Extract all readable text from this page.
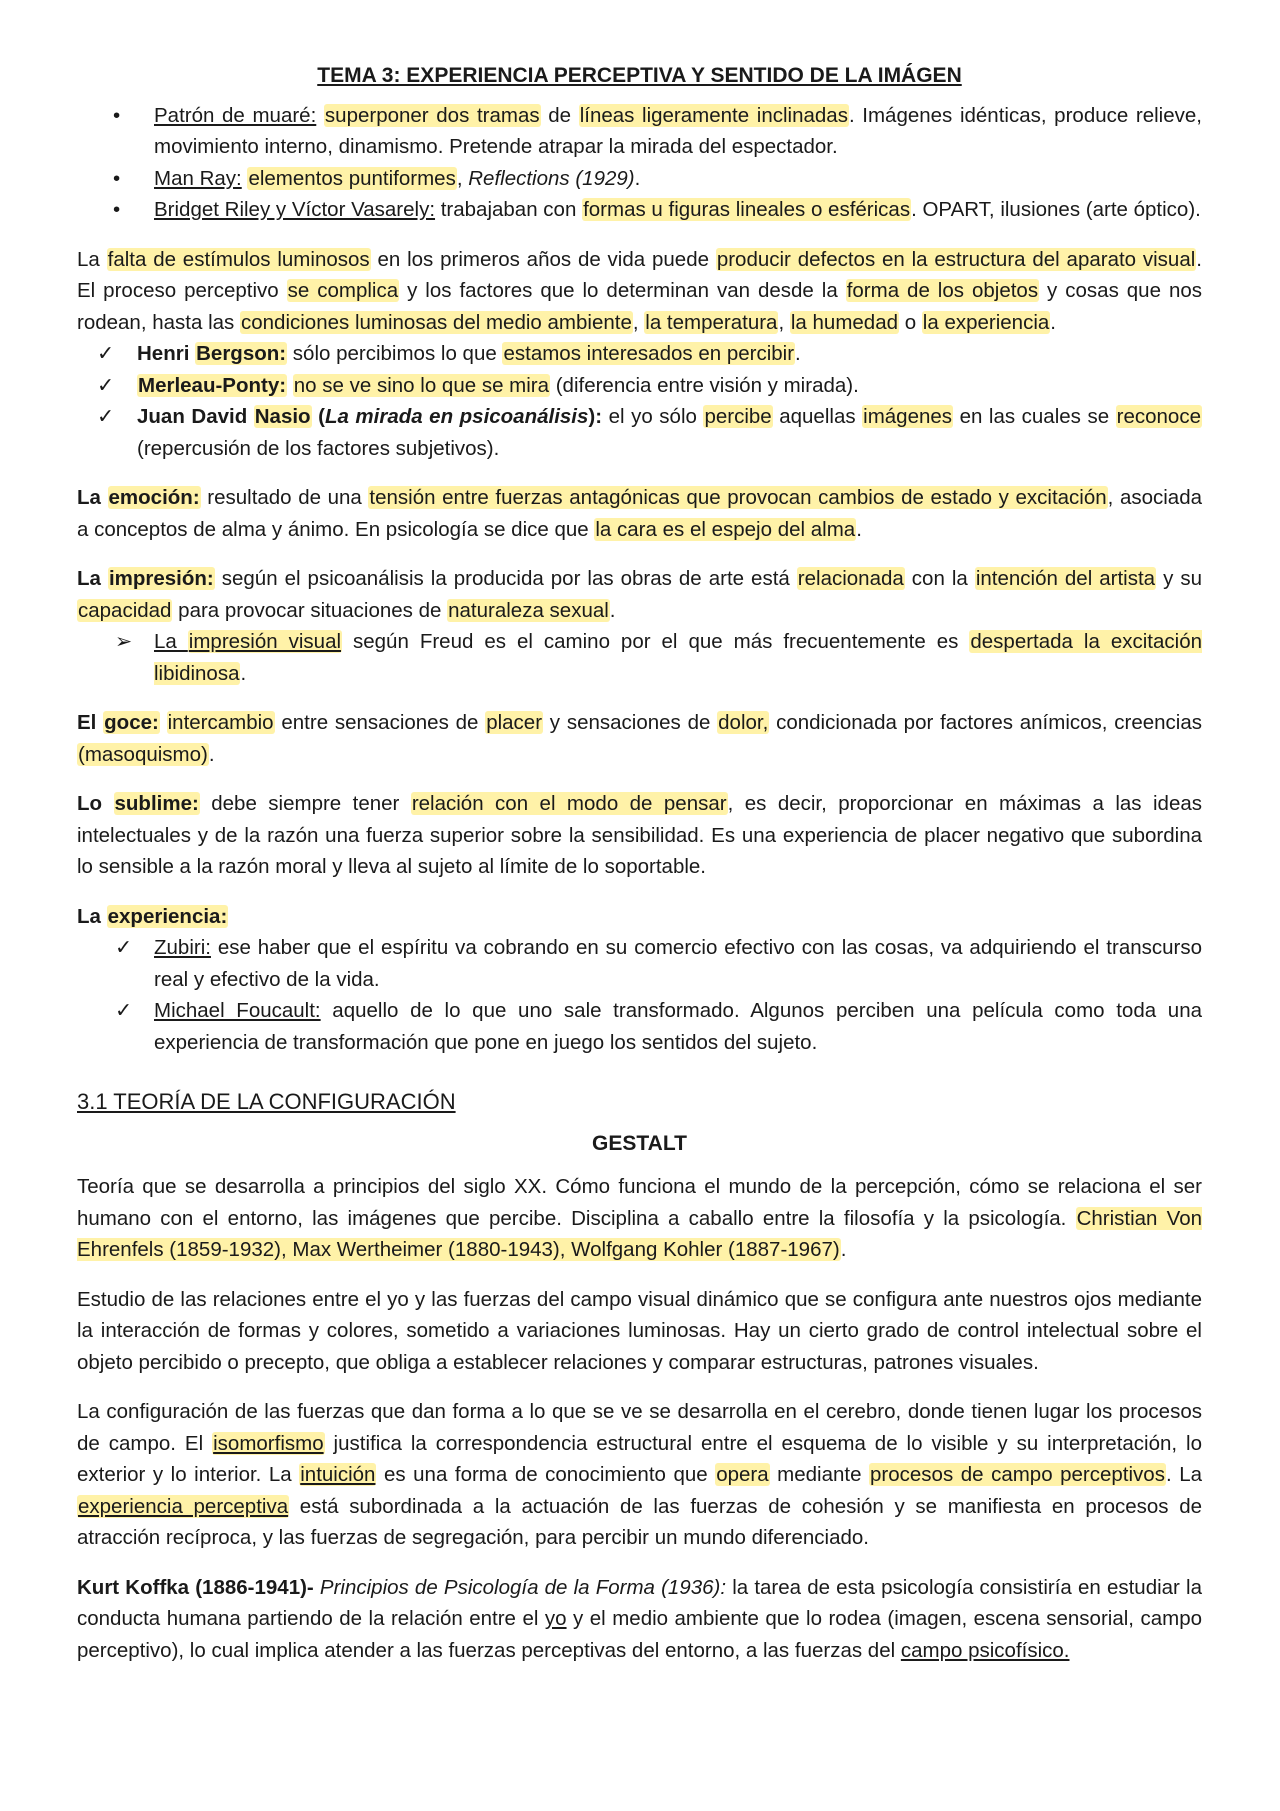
TEMA 3: EXPERIENCIA PERCEPTIVA Y SENTIDO DE LA IMÁGEN

•	Patrón de muaré: superponer dos tramas de líneas ligeramente inclinadas. Imágenes idénticas, produce relieve, movimiento interno, dinamismo. Pretende atrapar la mirada del espectador.
•	Man Ray: elementos puntiformes, Reflections (1929).
•	Bridget Riley y Víctor Vasarely: trabajaban con formas u figuras lineales o esféricas. OPART, ilusiones (arte óptico).

La falta de estímulos luminosos en los primeros años de vida puede producir defectos en la estructura del aparato visual. El proceso perceptivo se complica y los factores que lo determinan van desde la forma de los objetos y cosas que nos rodean, hasta las condiciones luminosas del medio ambiente, la temperatura, la humedad o la experiencia.

✓	Henri Bergson: sólo percibimos lo que estamos interesados en percibir.
✓	Merleau-Ponty: no se ve sino lo que se mira (diferencia entre visión y mirada).
✓	Juan David Nasio (La mirada en psicoanálisis): el yo sólo percibe aquellas imágenes en las cuales se reconoce (repercusión de los factores subjetivos).

La emoción: resultado de una tensión entre fuerzas antagónicas que provocan cambios de estado y excitación, asociada a conceptos de alma y ánimo. En psicología se dice que la cara es el espejo del alma.

La impresión: según el psicoanálisis la producida por las obras de arte está relacionada con la intención del artista y su capacidad para provocar situaciones de naturaleza sexual.

➢	La impresión visual según Freud es el camino por el que más frecuentemente es despertada la excitación libidinosa.

El goce: intercambio entre sensaciones de placer y sensaciones de dolor, condicionada por factores anímicos, creencias (masoquismo).

Lo sublime: debe siempre tener relación con el modo de pensar, es decir, proporcionar en máximas a las ideas intelectuales y de la razón una fuerza superior sobre la sensibilidad. Es una experiencia de placer negativo que subordina lo sensible a la razón moral y lleva al sujeto al límite de lo soportable.

La experiencia:

✓	Zubiri: ese haber que el espíritu va cobrando en su comercio efectivo con las cosas, va adquiriendo el transcurso real y efectivo de la vida.
✓	Michael Foucault: aquello de lo que uno sale transformado. Algunos perciben una película como toda una experiencia de transformación que pone en juego los sentidos del sujeto.

3.1 TEORÍA DE LA CONFIGURACIÓN

GESTALT

Teoría que se desarrolla a principios del siglo XX. Cómo funciona el mundo de la percepción, cómo se relaciona el ser humano con el entorno, las imágenes que percibe. Disciplina a caballo entre la filosofía y la psicología. Christian Von Ehrenfels (1859-1932), Max Wertheimer (1880-1943), Wolfgang Kohler (1887-1967).

Estudio de las relaciones entre el yo y las fuerzas del campo visual dinámico que se configura ante nuestros ojos mediante la interacción de formas y colores, sometido a variaciones luminosas. Hay un cierto grado de control intelectual sobre el objeto percibido o precepto, que obliga a establecer relaciones y comparar estructuras, patrones visuales.

La configuración de las fuerzas que dan forma a lo que se ve se desarrolla en el cerebro, donde tienen lugar los procesos de campo. El isomorfismo justifica la correspondencia estructural entre el esquema de lo visible y su interpretación, lo exterior y lo interior. La intuición es una forma de conocimiento que opera mediante procesos de campo perceptivos. La experiencia perceptiva está subordinada a la actuación de las fuerzas de cohesión y se manifiesta en procesos de atracción recíproca, y las fuerzas de segregación, para percibir un mundo diferenciado.

Kurt Koffka (1886-1941)- Principios de Psicología de la Forma (1936): la tarea de esta psicología consistiría en estudiar la conducta humana partiendo de la relación entre el yo y el medio ambiente que lo rodea (imagen, escena sensorial, campo perceptivo), lo cual implica atender a las fuerzas perceptivas del entorno, a las fuerzas del campo psicofísico.
